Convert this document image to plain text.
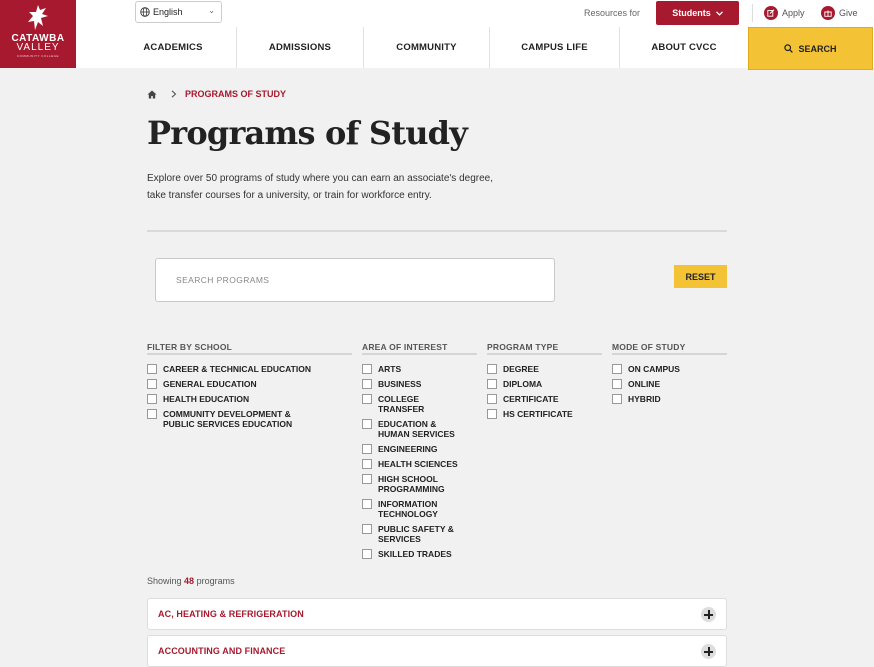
CATAWBA
VALLEY
COMMUNITY COLLEGE
English	⌄	Resources for	Students	Apply	Give
ACADEMICS	ADMISSIONS	COMMUNITY	CAMPUS LIFE	ABOUT CVCC	SEARCH
PROGRAMS OF STUDY
Programs of Study
Explore over 50 programs of study where you can earn an associate's degree,
take transfer courses for a university, or train for workforce entry.
SEARCH PROGRAMS
RESET
FILTER BY SCHOOL
CAREER & TECHNICAL EDUCATION
GENERAL EDUCATION
HEALTH EDUCATION
COMMUNITY DEVELOPMENT & PUBLIC SERVICES EDUCATION
AREA OF INTEREST
ARTS
BUSINESS
COLLEGE TRANSFER
EDUCATION & HUMAN SERVICES
ENGINEERING
HEALTH SCIENCES
HIGH SCHOOL PROGRAMMING
INFORMATION TECHNOLOGY
PUBLIC SAFETY & SERVICES
SKILLED TRADES
PROGRAM TYPE
DEGREE
DIPLOMA
CERTIFICATE
HS CERTIFICATE
MODE OF STUDY
ON CAMPUS
ONLINE
HYBRID
Showing 48 programs
AC, HEATING & REFRIGERATION
ACCOUNTING AND FINANCE
